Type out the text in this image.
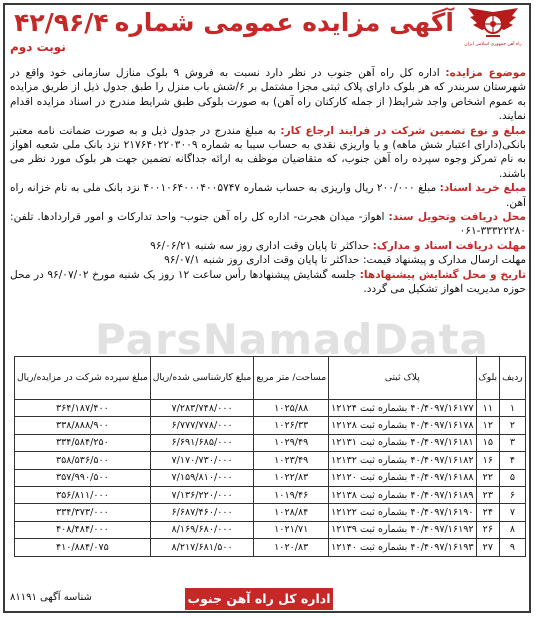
راه آهن جمهوری اسلامی ایران
آگهی مزایده عمومی شماره۴۲/۹۶/۴
نوبت دوم

موضوع مزایده: اداره کل راه آهن جنوب در نظر دارد نسبت به فروش ۹ بلوک منازل سازمانی خود واقع در شهرستان سربندر که هر بلوک دارای پلاک ثبتی مجزا مشتمل بر ۶/شش باب منزل را طبق جدول ذیل از طریق مزایده به عموم اشخاص واجد شرایط( از جمله کارکنان راه آهن) به صورت بلوکی طبق شرایط مندرج در اسناد مزایده اقدام نمایند.

مبلغ و نوع تضمین شرکت در فرایند ارجاع کار: به مبلغ مندرج در جدول ذیل و به صورت ضمانت نامه معتبر بانکی(دارای اعتبار شش ماهه) و یا واریزی نقدی به حساب سیبا به شماره ۲۱۷۶۴۰۲۲۰۳۰۰۹ نزد بانک ملی شعبه اهواز به نام تمرکز وجوه سپرده راه آهن جنوب، که متقاضیان موظف به ارائه جداگانه تضمین جهت هر بلوک مورد نظر می باشند.

مبلغ خرید اسناد: مبلغ ۲۰۰/۰۰۰ ریال واریزی به حساب شماره ۴۰۰۱۰۶۴۰۰۰۴۰۰۵۷۴۷ نزد بانک ملی به نام خزانه راه آهن.

محل دریافت وتحویل سند: اهواز- میدان هجرت- اداره کل راه آهن جنوب- واحد تدارکات و امور قراردادها. تلفن: ۳۳۳۲۲۲۸۰-۰۶۱

مهلت دریافت اسناد و مدارک: حداکثر تا پایان وقت اداری روز سه شنبه ۹۶/۰۶/۲۱

مهلت ارسال مدارک و پیشنهاد قیمت: حداکثر تا پایان وقت اداری روز شنبه ۹۶/۰۷/۱

تاریخ و محل گشایش پیشنهادها: جلسه گشایش پیشنهادها رأس ساعت ۱۲ روز یک شنبه مورخ ۹۶/۰۷/۰۲ در محل حوزه مدیریت اهواز تشکیل می گردد.

ParsNamadData
ردیف	بلوک	پلاک ثبتی	مساحت/ متر مربع	مبلغ کارشناسی شده/ریال	مبلغ سپرده شرکت در مزایده/ریال
۱	۱۱	۴۰/۴۰۹۷/۱۶۱۷۷ بشماره ثبت ۱۲۱۲۴	۱۰۲۵/۸۸	۷/۲۸۳/۷۴۸/۰۰۰	۳۶۴/۱۸۷/۴۰۰
۲	۱۲	۴۰/۴۰۹۷/۱۶۱۷۸ بشماره ثبت ۱۲۱۲۸	۱۰۲۶/۳۳	۶/۷۷۷/۷۷۸/۰۰۰	۳۳۸/۸۸۸/۹۰۰
۳	۱۵	۴۰/۴۰۹۷/۱۶۱۸۱ بشماره ثبت ۱۲۱۳۱	۱۰۲۹/۴۹	۶/۶۹۱/۶۸۵/۰۰۰	۳۳۴/۵۸۴/۲۵۰
۴	۱۶	۴۰/۴۰۹۷/۱۶۱۸۲ بشماره ثبت ۱۲۱۳۲	۱۰۲۳/۴۹	۷/۱۷۰/۷۳۰/۰۰۰	۳۵۸/۵۳۶/۵۰۰
۵	۲۲	۴۰/۴۰۹۷/۱۶۱۸۸ بشماره ثبت ۱۲۱۲۰	۱۰۲۲/۸۳	۷/۱۵۹/۸۱۰/۰۰۰	۳۵۷/۹۹۰/۵۰۰
۶	۲۳	۴۰/۴۰۹۷/۱۶۱۸۹ بشماره ثبت ۱۲۱۳۸	۱۰۱۹/۴۶	۷/۱۳۶/۲۲۰/۰۰۰	۳۵۶/۸۱۱/۰۰۰
۷	۲۴	۴۰/۴۰۹۷/۱۶۱۹۰ بشماره ثبت ۱۲۱۲۲	۱۰۲۸/۸۴	۶/۶۸۷/۴۶۰/۰۰۰	۳۳۴/۳۷۳/۰۰۰
۸	۲۶	۴۰/۴۰۹۷/۱۶۱۹۲ بشماره ثبت ۱۲۱۳۹	۱۰۲۱/۷۱	۸/۱۶۹/۶۸۰/۰۰۰	۴۰۸/۴۸۴/۰۰۰
۹	۲۷	۴۰/۴۰۹۷/۱۶۱۹۳ بشماره ثبت ۱۲۱۴۰	۱۰۲۰/۸۳	۸/۲۱۷/۶۸۱/۵۰۰	۴۱۰/۸۸۴/۰۷۵
اداره کل راه آهن جنوب
شناسه آگهی ۸۱۱۹۱
